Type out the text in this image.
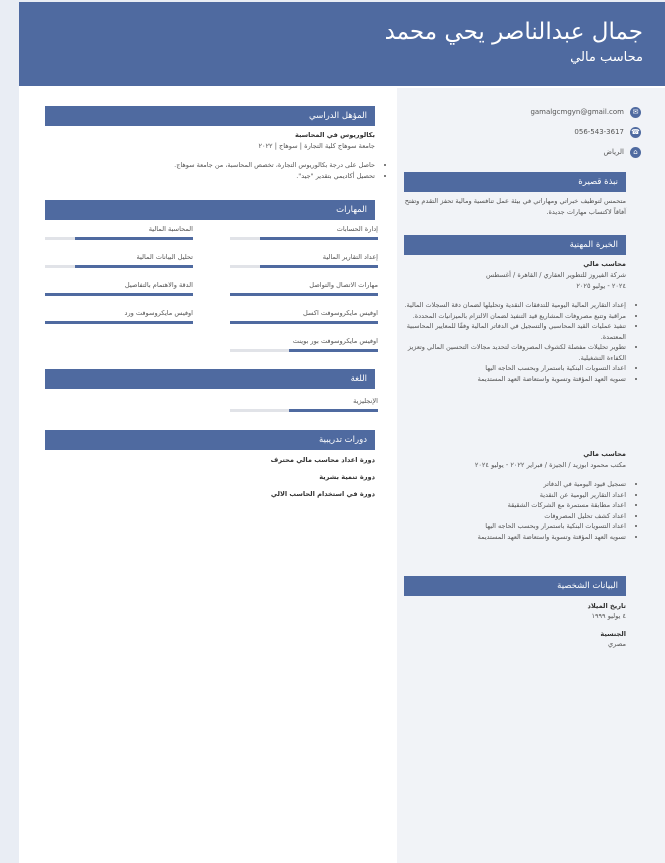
جمال عبدالناصر يحي محمد
محاسب مالي
✉
gamalgcmgyn@gmail.com
☎
056-543-3617
⌂
الرياض
نبذة قصيرة
متحمس لتوظيف خبراتي ومهاراتي في بيئة عمل تنافسية ومالية تحفز التقدم وتفتح آفاقاً لاكتساب مهارات جديدة.
الخبرة المهنية
محاسب مالي
شركة الفيروز للتطوير العقاري / القاهرة / أغسطس
٢٠٢٤ - يوليو ٢٠٢٥
• إعداد التقارير المالية اليومية للتدفقات النقدية وتحليلها لضمان دقة السجلات المالية.
• مراقبة وتتبع مصروفات المشاريع قيد التنفيذ لضمان الالتزام بالميزانيات المحددة.
• تنفيذ عمليات القيد المحاسبي والتسجيل في الدفاتر المالية وفقًا للمعايير المحاسبية المعتمدة.
• تطوير تحليلات مفصلة لكشوف المصروفات لتحديد مجالات التحسين المالي وتعزيز الكفاءة التشغيلية.
• اعداد التسويات البنكية باستمرار وبحسب الحاجه اليها
• تسويه العهد المؤقتة وتسوية واستعاضة العهد المستديمة
محاسب مالي
مكتب محمود ابوزيد / الجيزة / فبراير ٢٠٢٢ - يوليو ٢٠٢٤
• تسجيل قيود اليومية في الدفاتر
• اعداد التقارير اليومية عن النقدية
• اعداد مطابقة مستمرة مع الشركات الشقيقة
• اعداد كشف تحليل المصروفات
• اعداد التسويات البنكية باستمرار وبحسب الحاجه اليها
• تسويه العهد المؤقتة وتسوية واستعاضة العهد المستديمة
البيانات الشخصية
تاريخ الميلاد
٤ يوليو ١٩٩٩
الجنسية
مصري
المؤهل الدراسي
بكالوريوس في المحاسبة
جامعة سوهاج كلية التجارة | سوهاج | ٢٠٢٢
• حاصل على درجة بكالوريوس التجارة، تخصص المحاسبة، من جامعة سوهاج.
• تحصيل أكاديمي بتقدير "جيد".
المهارات
إدارة الحسابات
المحاسبة المالية
إعداد التقارير المالية
تحليل البيانات المالية
مهارات الاتصال والتواصل
الدقة والاهتمام بالتفاصيل
اوفيس مايكروسوفت اكسل
اوفيس مايكروسوفت ورد
اوفيس مايكروسوفت بور بوينت
اللغة
الإنجليزية
دورات تدريبية
دورة اعداد محاسب مالي محترف
دورة تنمية بشرية
دورة في استخدام الحاسب الالي
